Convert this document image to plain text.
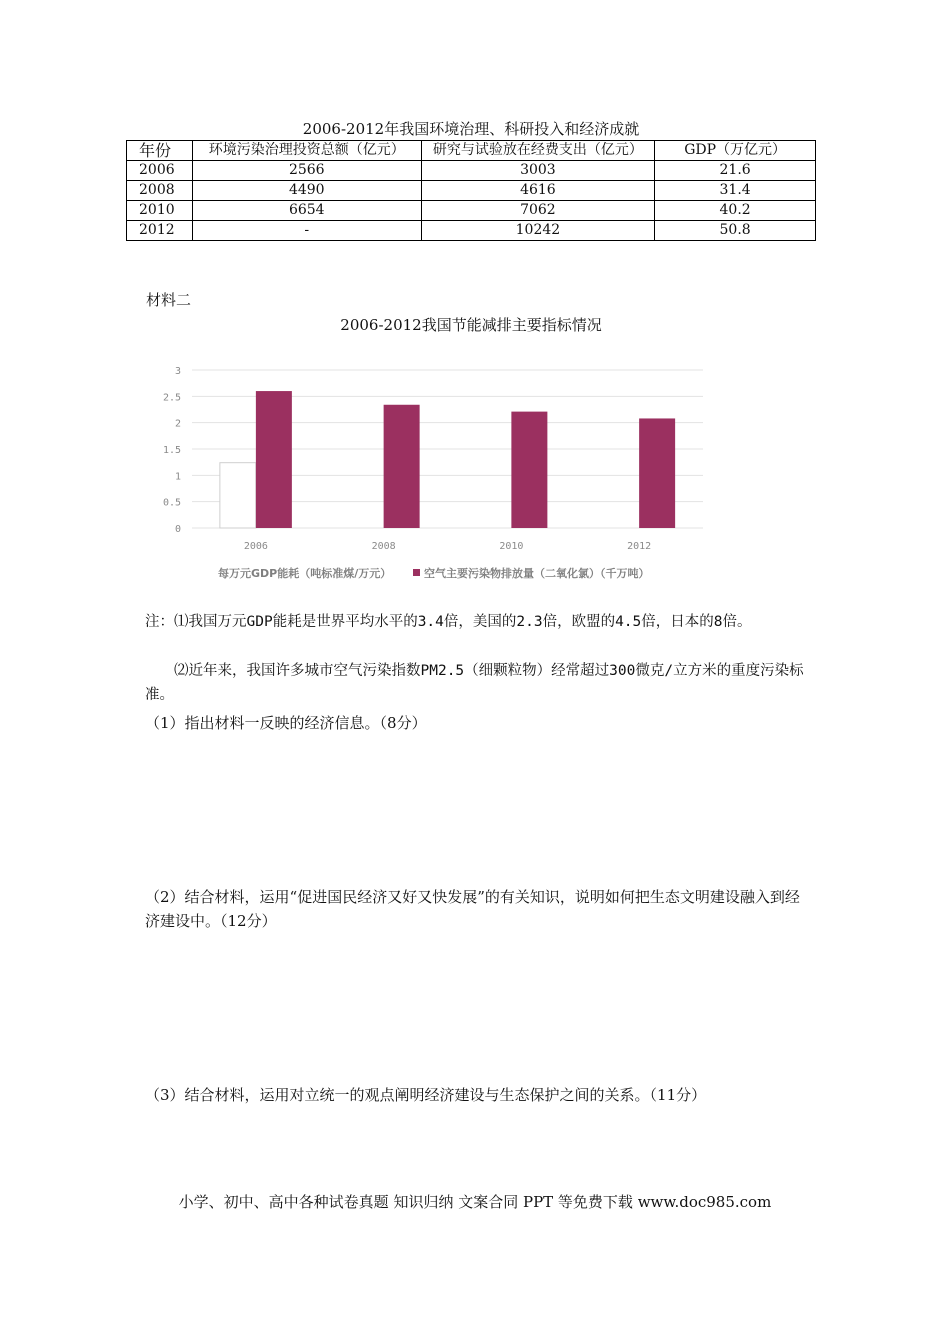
2006-2012年我国环境治理、科研投入和经济成就
年份	环境污染治理投资总额（亿元）	研究与试验放在经费支出（亿元）	GDP（万亿元）
2006	2566	3003	21.6
2008	4490	4616	31.4
2010	6654	7062	40.2
2012	-	10242	50.8
材料二
2006-2012我国节能减排主要指标情况
3
2.5
2
1.5
1
0.5
0
2006	2008	2010	2012
每万元GDP能耗（吨标准煤/万元）	空气主要污染物排放量（二氧化氯）（千万吨）
注：⑴我国万元GDP能耗是世界平均水平的3.4倍，美国的2.3倍，欧盟的4.5倍，日本的8倍。
⑵近年来，我国许多城市空气污染指数PM2.5（细颗粒物）经常超过300微克/立方米的重度污染标准。
（1）指出材料一反映的经济信息。（8分）
（2）结合材料，运用“促进国民经济又好又快发展”的有关知识，说明如何把生态文明建设融入到经济建设中。（12分）
（3）结合材料，运用对立统一的观点阐明经济建设与生态保护之间的关系。（11分）
小学、初中、高中各种试卷真题 知识归纳 文案合同 PPT 等免费下载 www.doc985.com
